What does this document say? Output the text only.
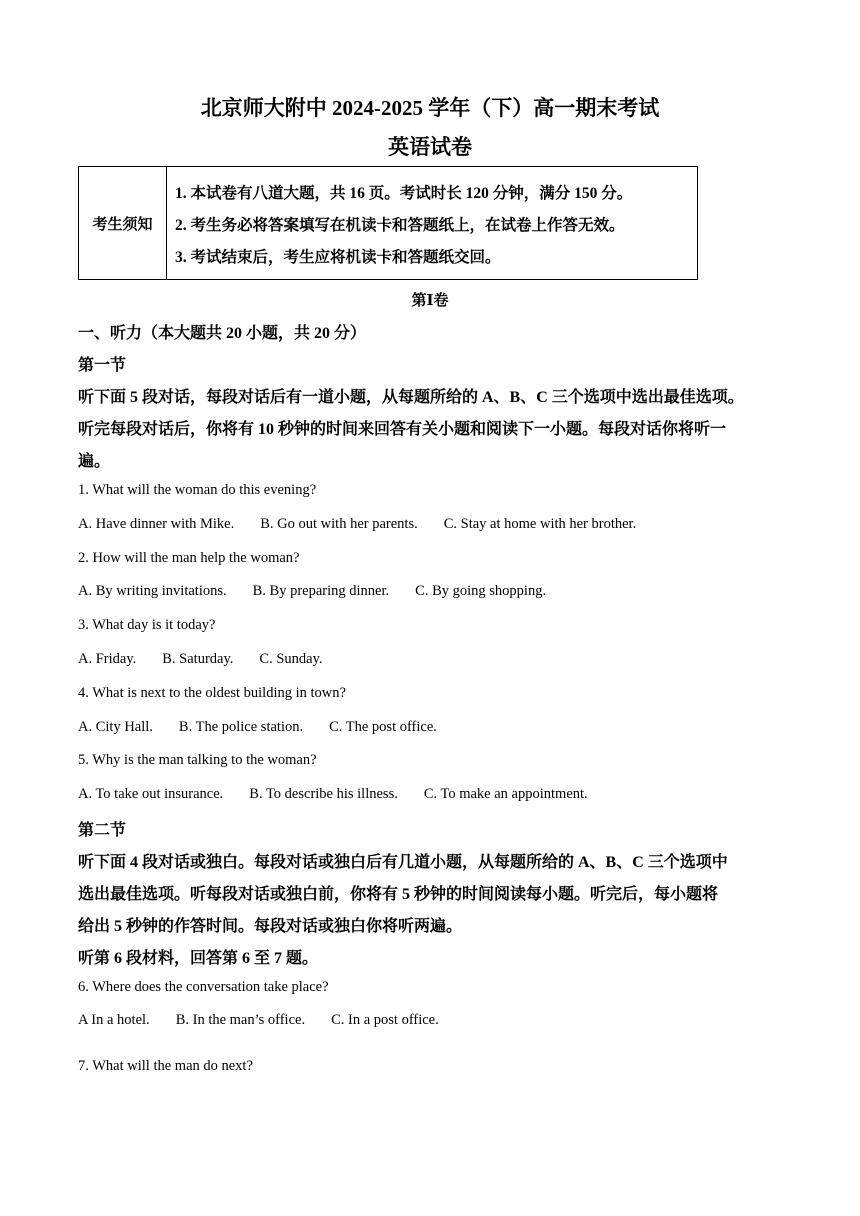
北京师大附中 2024-2025 学年（下）高一期末考试
英语试卷
考生须知
1. 本试卷有八道大题，共 16 页。考试时长 120 分钟，满分 150 分。
2. 考生务必将答案填写在机读卡和答题纸上，在试卷上作答无效。
3. 考试结束后，考生应将机读卡和答题纸交回。
第Ⅰ卷
一、听力（本大题共 20 小题，共 20 分）
第一节
听下面 5 段对话，每段对话后有一道小题，从每题所给的 A、B、C 三个选项中选出最佳选项。
听完每段对话后，你将有 10 秒钟的时间来回答有关小题和阅读下一小题。每段对话你将听一
遍。
1. What will the woman do this evening?
A. Have dinner with Mike. B. Go out with her parents. C. Stay at home with her brother.
2. How will the man help the woman?
A. By writing invitations. B. By preparing dinner. C. By going shopping.
3. What day is it today?
A. Friday. B. Saturday. C. Sunday.
4. What is next to the oldest building in town?
A. City Hall. B. The police station. C. The post office.
5. Why is the man talking to the woman?
A. To take out insurance. B. To describe his illness. C. To make an appointment.
第二节
听下面 4 段对话或独白。每段对话或独白后有几道小题，从每题所给的 A、B、C 三个选项中
选出最佳选项。听每段对话或独白前，你将有 5 秒钟的时间阅读每小题。听完后，每小题将
给出 5 秒钟的作答时间。每段对话或独白你将听两遍。
听第 6 段材料，回答第 6 至 7 题。
6. Where does the conversation take place?
A In a hotel. B. In the man’s office. C. In a post office.
7. What will the man do next?
